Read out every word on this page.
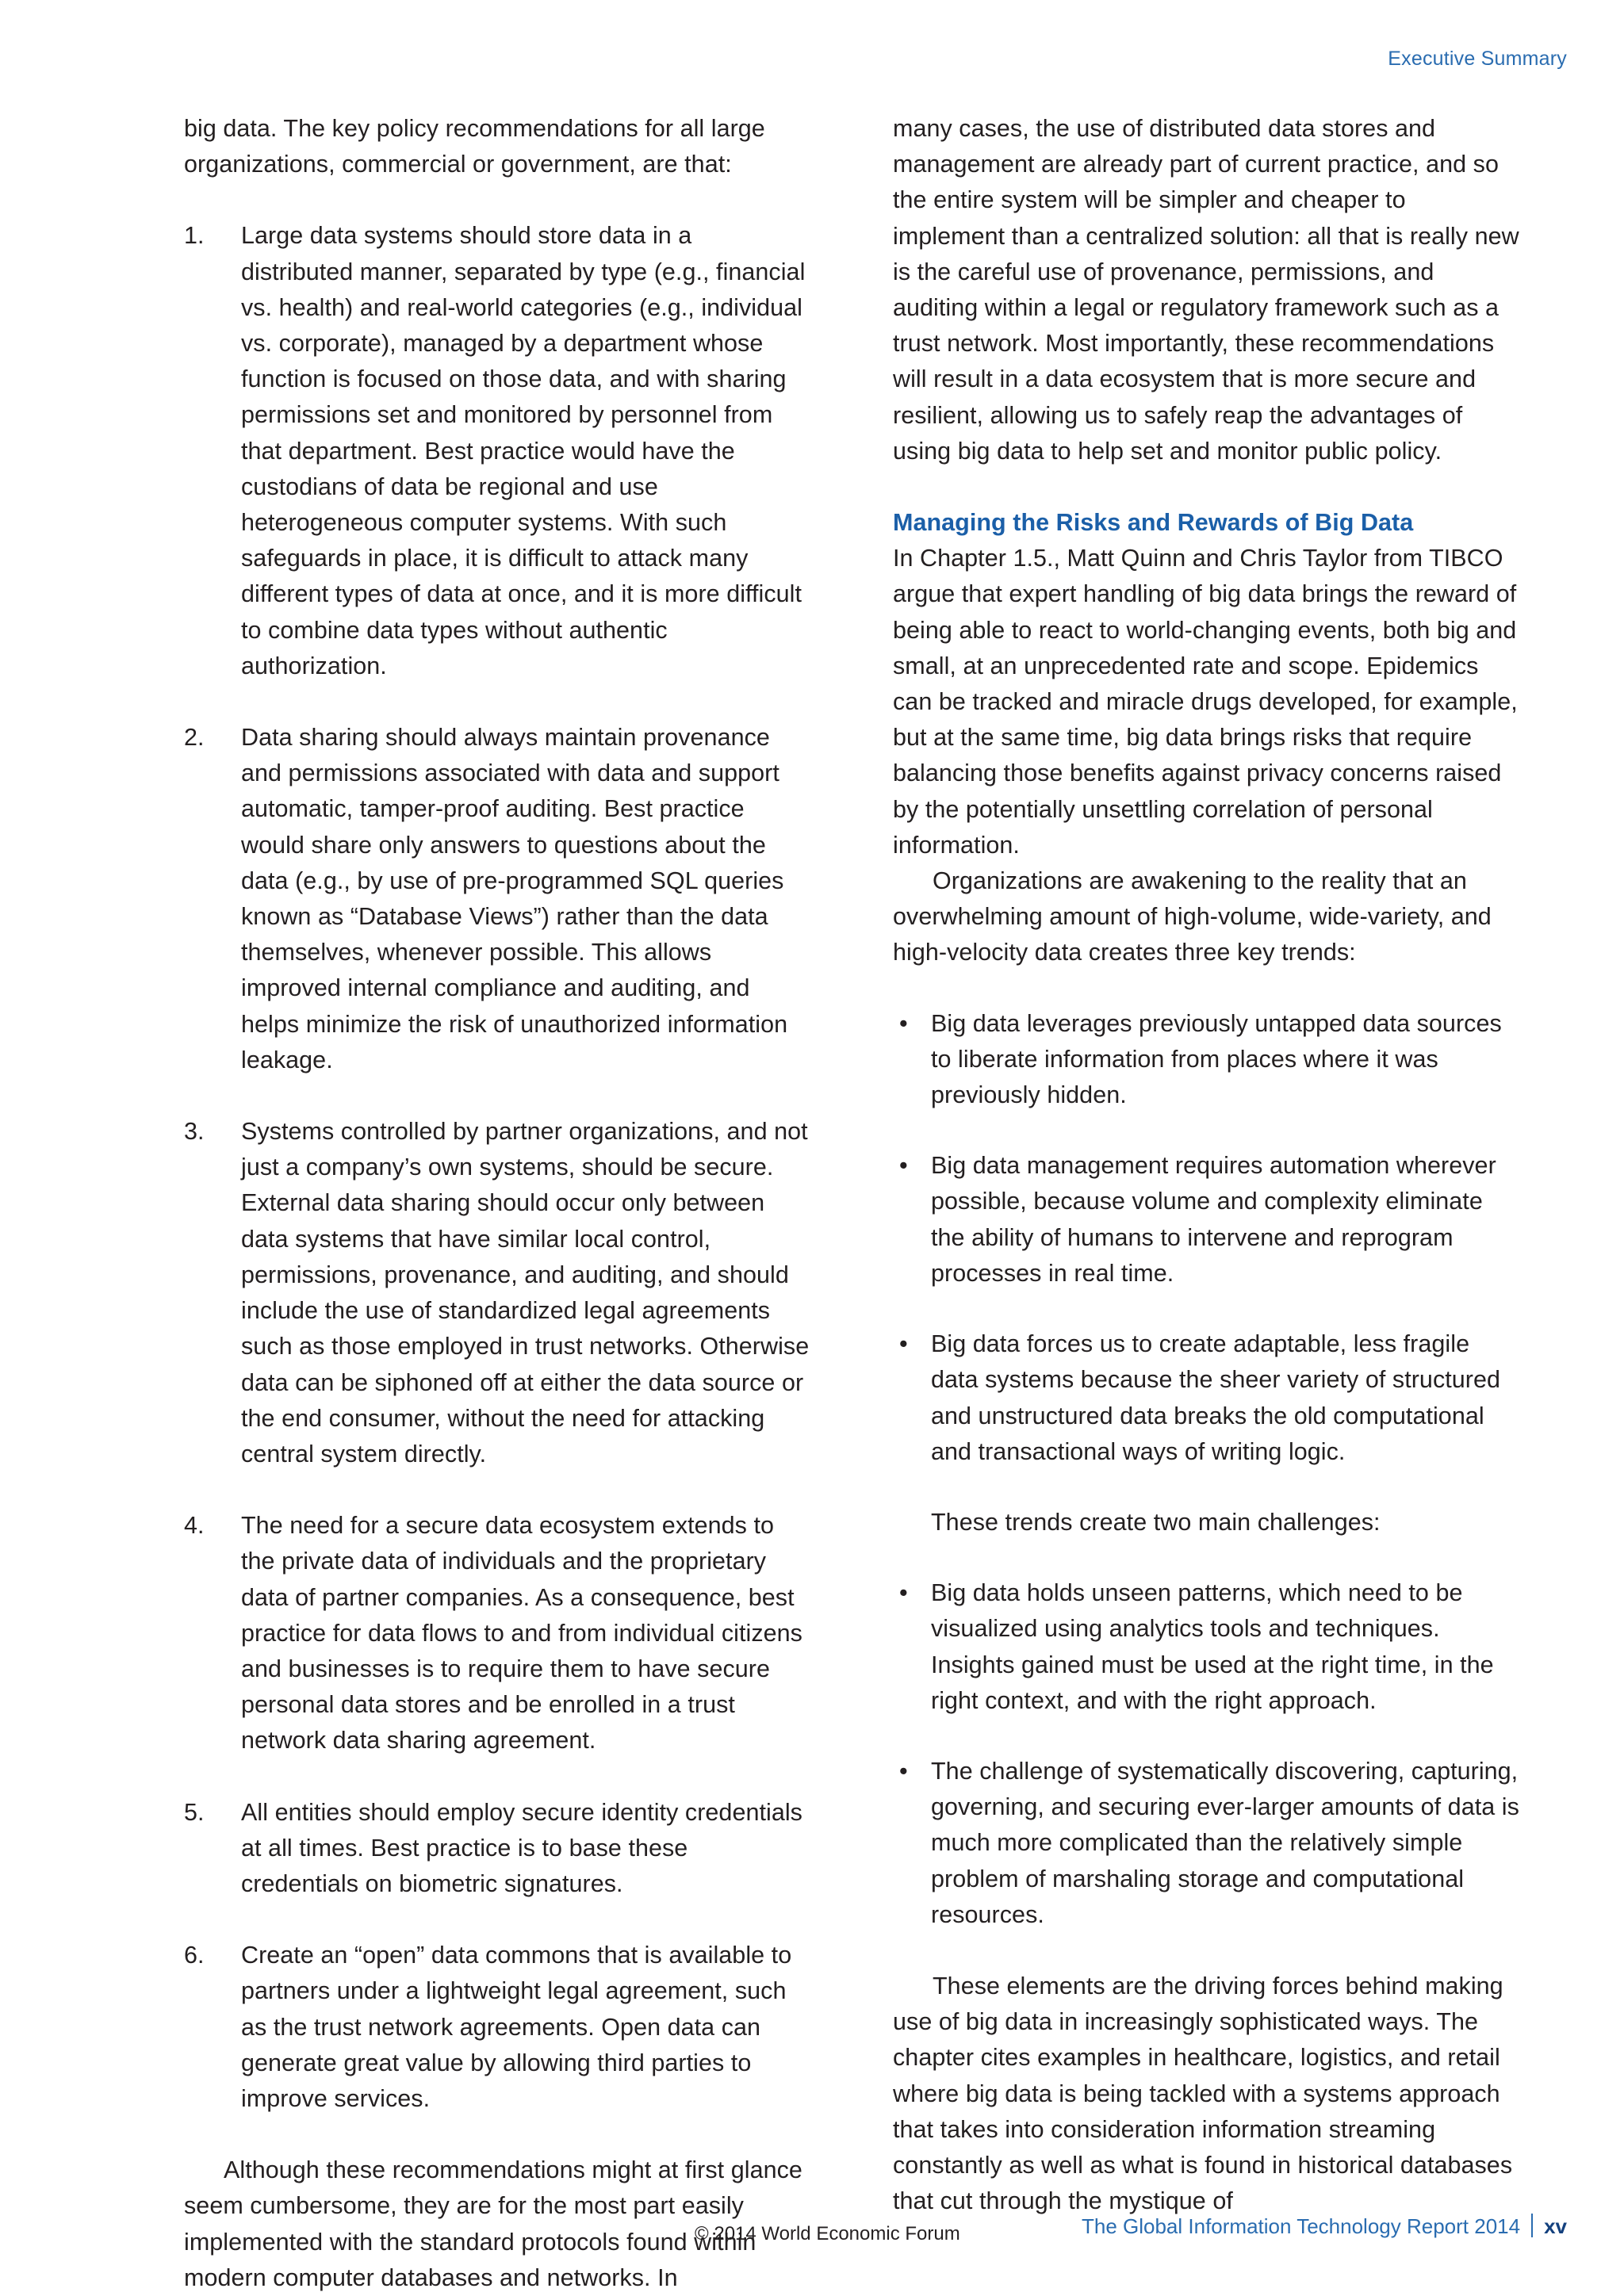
Executive Summary

big data. The key policy recommendations for all large organizations, commercial or government, are that:

1.	Large data systems should store data in a distributed manner, separated by type (e.g., financial vs. health) and real-world categories (e.g., individual vs. corporate), managed by a department whose function is focused on those data, and with sharing permissions set and monitored by personnel from that department. Best practice would have the custodians of data be regional and use heterogeneous computer systems. With such safeguards in place, it is difficult to attack many different types of data at once, and it is more difficult to combine data types without authentic authorization.
2.	Data sharing should always maintain provenance and permissions associated with data and support automatic, tamper-proof auditing. Best practice would share only answers to questions about the data (e.g., by use of pre-programmed SQL queries known as “Database Views”) rather than the data themselves, whenever possible. This allows improved internal compliance and auditing, and helps minimize the risk of unauthorized information leakage.
3.	Systems controlled by partner organizations, and not just a company’s own systems, should be secure. External data sharing should occur only between data systems that have similar local control, permissions, provenance, and auditing, and should include the use of standardized legal agreements such as those employed in trust networks. Otherwise data can be siphoned off at either the data source or the end consumer, without the need for attacking central system directly.
4.	The need for a secure data ecosystem extends to the private data of individuals and the proprietary data of partner companies. As a consequence, best practice for data flows to and from individual citizens and businesses is to require them to have secure personal data stores and be enrolled in a trust network data sharing agreement.
5.	All entities should employ secure identity credentials at all times. Best practice is to base these credentials on biometric signatures.
6.	Create an “open” data commons that is available to partners under a lightweight legal agreement, such as the trust network agreements. Open data can generate great value by allowing third parties to improve services.

Although these recommendations might at first glance seem cumbersome, they are for the most part easily implemented with the standard protocols found within modern computer databases and networks. In

many cases, the use of distributed data stores and management are already part of current practice, and so the entire system will be simpler and cheaper to implement than a centralized solution: all that is really new is the careful use of provenance, permissions, and auditing within a legal or regulatory framework such as a trust network. Most importantly, these recommendations will result in a data ecosystem that is more secure and resilient, allowing us to safely reap the advantages of using big data to help set and monitor public policy.

Managing the Risks and Rewards of Big Data

In Chapter 1.5., Matt Quinn and Chris Taylor from TIBCO argue that expert handling of big data brings the reward of being able to react to world-changing events, both big and small, at an unprecedented rate and scope. Epidemics can be tracked and miracle drugs developed, for example, but at the same time, big data brings risks that require balancing those benefits against privacy concerns raised by the potentially unsettling correlation of personal information.

Organizations are awakening to the reality that an overwhelming amount of high-volume, wide-variety, and high-velocity data creates three key trends:

• Big data leverages previously untapped data sources to liberate information from places where it was previously hidden.
• Big data management requires automation wherever possible, because volume and complexity eliminate the ability of humans to intervene and reprogram processes in real time.
• Big data forces us to create adaptable, less fragile data systems because the sheer variety of structured and unstructured data breaks the old computational and transactional ways of writing logic.

These trends create two main challenges:

• Big data holds unseen patterns, which need to be visualized using analytics tools and techniques. Insights gained must be used at the right time, in the right context, and with the right approach.
• The challenge of systematically discovering, capturing, governing, and securing ever-larger amounts of data is much more complicated than the relatively simple problem of marshaling storage and computational resources.

These elements are the driving forces behind making use of big data in increasingly sophisticated ways. The chapter cites examples in healthcare, logistics, and retail where big data is being tackled with a systems approach that takes into consideration information streaming constantly as well as what is found in historical databases that cut through the mystique of

© 2014 World Economic Forum	The Global Information Technology Report 2014 xv
